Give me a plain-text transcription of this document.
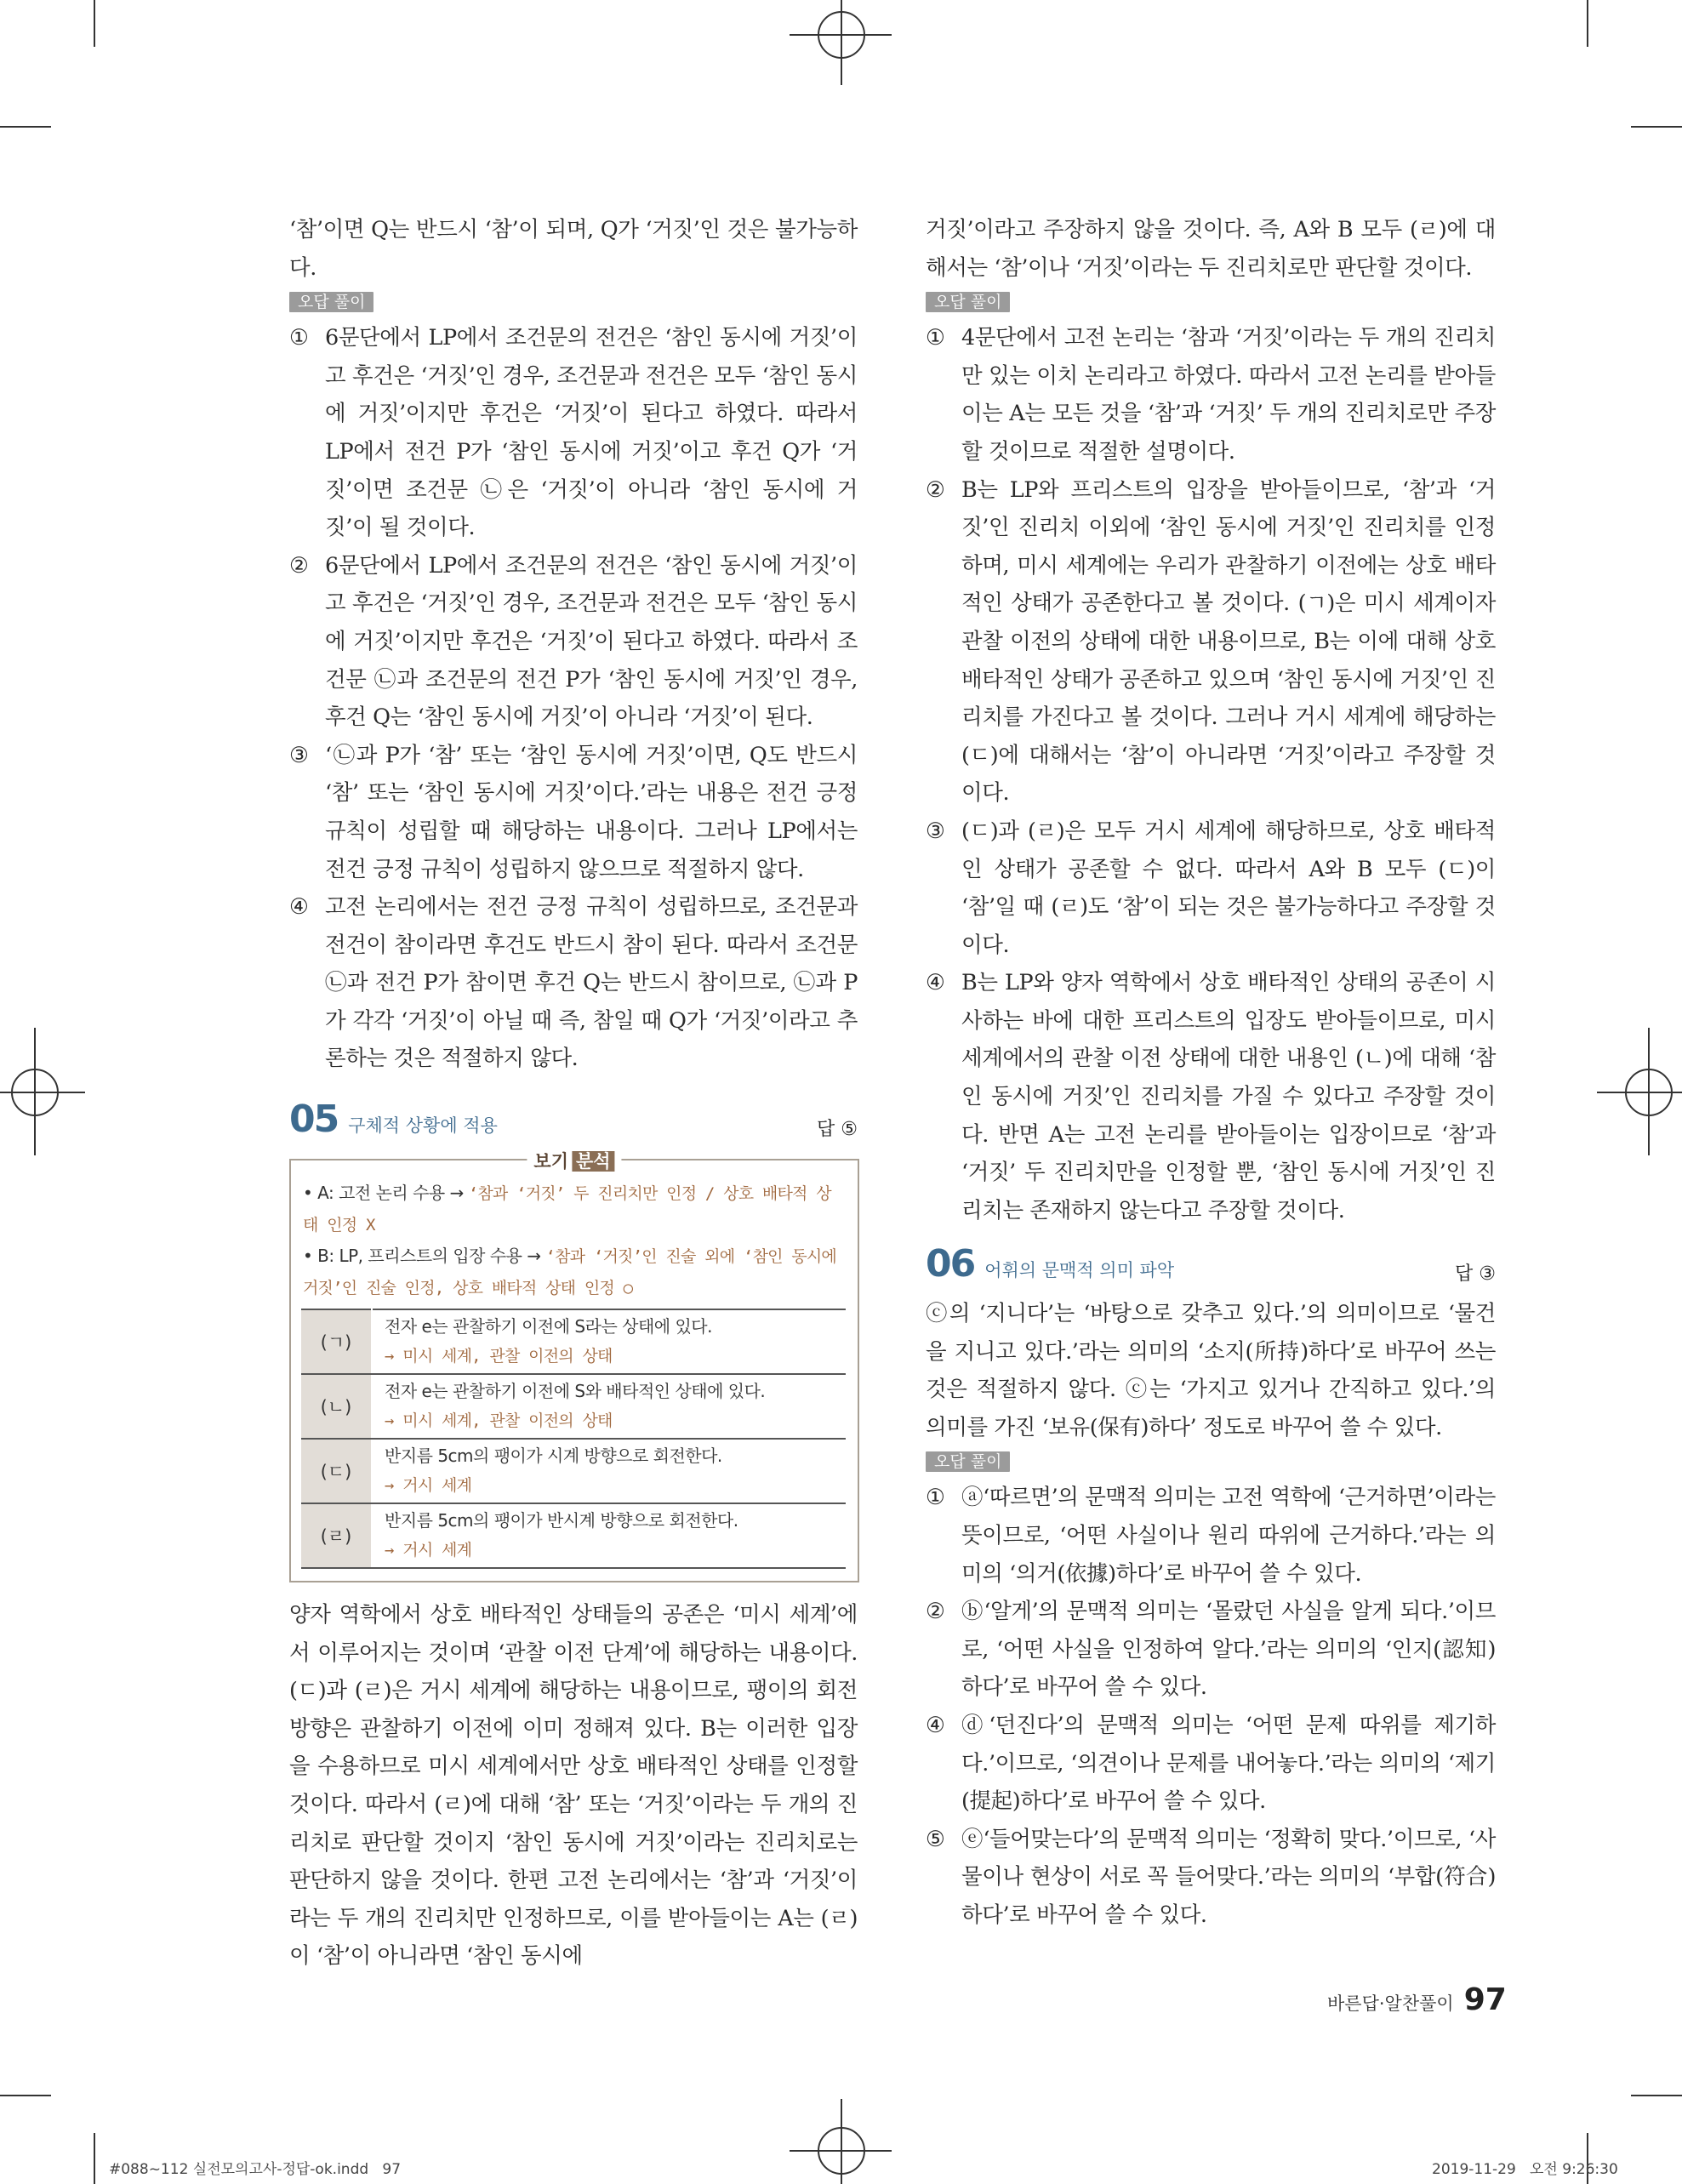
‘참’이면 Q는 반드시 ‘참’이 되며, Q가 ‘거짓’인 것은 불가능하다.

오답 풀이
① 6문단에서 LP에서 조건문의 전건은 ‘참인 동시에 거짓’이고 후건은 ‘거짓’인 경우, 조건문과 전건은 모두 ‘참인 동시에 거짓’이지만 후건은 ‘거짓’이 된다고 하였다. 따라서 LP에서 전건 P가 ‘참인 동시에 거짓’이고 후건 Q가 ‘거짓’이면 조건문 ㉡은 ‘거짓’이 아니라 ‘참인 동시에 거짓’이 될 것이다.
② 6문단에서 LP에서 조건문의 전건은 ‘참인 동시에 거짓’이고 후건은 ‘거짓’인 경우, 조건문과 전건은 모두 ‘참인 동시에 거짓’이지만 후건은 ‘거짓’이 된다고 하였다. 따라서 조건문 ㉡과 조건문의 전건 P가 ‘참인 동시에 거짓’인 경우, 후건 Q는 ‘참인 동시에 거짓’이 아니라 ‘거짓’이 된다.
③ ‘㉡과 P가 ‘참’ 또는 ‘참인 동시에 거짓’이면, Q도 반드시 ‘참’ 또는 ‘참인 동시에 거짓’이다.’라는 내용은 전건 긍정 규칙이 성립할 때 해당하는 내용이다. 그러나 LP에서는 전건 긍정 규칙이 성립하지 않으므로 적절하지 않다.
④ 고전 논리에서는 전건 긍정 규칙이 성립하므로, 조건문과 전건이 참이라면 후건도 반드시 참이 된다. 따라서 조건문 ㉡과 전건 P가 참이면 후건 Q는 반드시 참이므로, ㉡과 P가 각각 ‘거짓’이 아닐 때 즉, 참일 때 Q가 ‘거짓’이라고 추론하는 것은 적절하지 않다.
05 구체적 상황에 적용	답 ⑤
보기 분석
• A: 고전 논리 수용 → ‘참과 ‘거짓’ 두 진리치만 인정 / 상호 배타적 상태 인정 X
• B: LP, 프리스트의 입장 수용 → ‘참과 ‘거짓’인 진술 외에 ‘참인 동시에 거짓’인 진술 인정, 상호 배타적 상태 인정 ○
(ㄱ)	전자 e는 관찰하기 이전에 S라는 상태에 있다.
→ 미시 세계, 관찰 이전의 상태

(ㄴ)	전자 e는 관찰하기 이전에 S와 배타적인 상태에 있다.
→ 미시 세계, 관찰 이전의 상태

(ㄷ)	반지름 5cm의 팽이가 시계 방향으로 회전한다.
→ 거시 세계

(ㄹ)	반지름 5cm의 팽이가 반시계 방향으로 회전한다.
→ 거시 세계

양자 역학에서 상호 배타적인 상태들의 공존은 ‘미시 세계’에서 이루어지는 것이며 ‘관찰 이전 단계’에 해당하는 내용이다. (ㄷ)과 (ㄹ)은 거시 세계에 해당하는 내용이므로, 팽이의 회전 방향은 관찰하기 이전에 이미 정해져 있다. B는 이러한 입장을 수용하므로 미시 세계에서만 상호 배타적인 상태를 인정할 것이다. 따라서 (ㄹ)에 대해 ‘참’ 또는 ‘거짓’이라는 두 개의 진리치로 판단할 것이지 ‘참인 동시에 거짓’이라는 진리치로는 판단하지 않을 것이다. 한편 고전 논리에서는 ‘참’과 ‘거짓’이라는 두 개의 진리치만 인정하므로, 이를 받아들이는 A는 (ㄹ)이 ‘참’이 아니라면 ‘참인 동시에

거짓’이라고 주장하지 않을 것이다. 즉, A와 B 모두 (ㄹ)에 대해서는 ‘참’이나 ‘거짓’이라는 두 진리치로만 판단할 것이다.

오답 풀이
① 4문단에서 고전 논리는 ‘참과 ‘거짓’이라는 두 개의 진리치만 있는 이치 논리라고 하였다. 따라서 고전 논리를 받아들이는 A는 모든 것을 ‘참’과 ‘거짓’ 두 개의 진리치로만 주장할 것이므로 적절한 설명이다.
② B는 LP와 프리스트의 입장을 받아들이므로, ‘참’과 ‘거짓’인 진리치 이외에 ‘참인 동시에 거짓’인 진리치를 인정하며, 미시 세계에는 우리가 관찰하기 이전에는 상호 배타적인 상태가 공존한다고 볼 것이다. (ㄱ)은 미시 세계이자 관찰 이전의 상태에 대한 내용이므로, B는 이에 대해 상호 배타적인 상태가 공존하고 있으며 ‘참인 동시에 거짓’인 진리치를 가진다고 볼 것이다. 그러나 거시 세계에 해당하는 (ㄷ)에 대해서는 ‘참’이 아니라면 ‘거짓’이라고 주장할 것이다.
③ (ㄷ)과 (ㄹ)은 모두 거시 세계에 해당하므로, 상호 배타적인 상태가 공존할 수 없다. 따라서 A와 B 모두 (ㄷ)이 ‘참’일 때 (ㄹ)도 ‘참’이 되는 것은 불가능하다고 주장할 것이다.
④ B는 LP와 양자 역학에서 상호 배타적인 상태의 공존이 시사하는 바에 대한 프리스트의 입장도 받아들이므로, 미시 세계에서의 관찰 이전 상태에 대한 내용인 (ㄴ)에 대해 ‘참인 동시에 거짓’인 진리치를 가질 수 있다고 주장할 것이다. 반면 A는 고전 논리를 받아들이는 입장이므로 ‘참’과 ‘거짓’ 두 진리치만을 인정할 뿐, ‘참인 동시에 거짓’인 진리치는 존재하지 않는다고 주장할 것이다.
06 어휘의 문맥적 의미 파악	답 ③

ⓒ의 ‘지니다’는 ‘바탕으로 갖추고 있다.’의 의미이므로 ‘물건을 지니고 있다.’라는 의미의 ‘소지(所持)하다’로 바꾸어 쓰는 것은 적절하지 않다. ⓒ는 ‘가지고 있거나 간직하고 있다.’의 의미를 가진 ‘보유(保有)하다’ 정도로 바꾸어 쓸 수 있다.

오답 풀이
① ⓐ‘따르면’의 문맥적 의미는 고전 역학에 ‘근거하면’이라는 뜻이므로, ‘어떤 사실이나 원리 따위에 근거하다.’라는 의미의 ‘의거(依據)하다’로 바꾸어 쓸 수 있다.
② ⓑ‘알게’의 문맥적 의미는 ‘몰랐던 사실을 알게 되다.’이므로, ‘어떤 사실을 인정하여 알다.’라는 의미의 ‘인지(認知)하다’로 바꾸어 쓸 수 있다.
④ ⓓ‘던진다’의 문맥적 의미는 ‘어떤 문제 따위를 제기하다.’이므로, ‘의견이나 문제를 내어놓다.’라는 의미의 ‘제기(提起)하다’로 바꾸어 쓸 수 있다.
⑤ ⓔ‘들어맞는다’의 문맥적 의미는 ‘정확히 맞다.’이므로, ‘사물이나 현상이 서로 꼭 들어맞다.’라는 의미의 ‘부합(符合)하다’로 바꾸어 쓸 수 있다.
바른답·알찬풀이 97
#088~112 실전모의고사-정답-ok.indd   97	2019-11-29   오전 9:26:30
